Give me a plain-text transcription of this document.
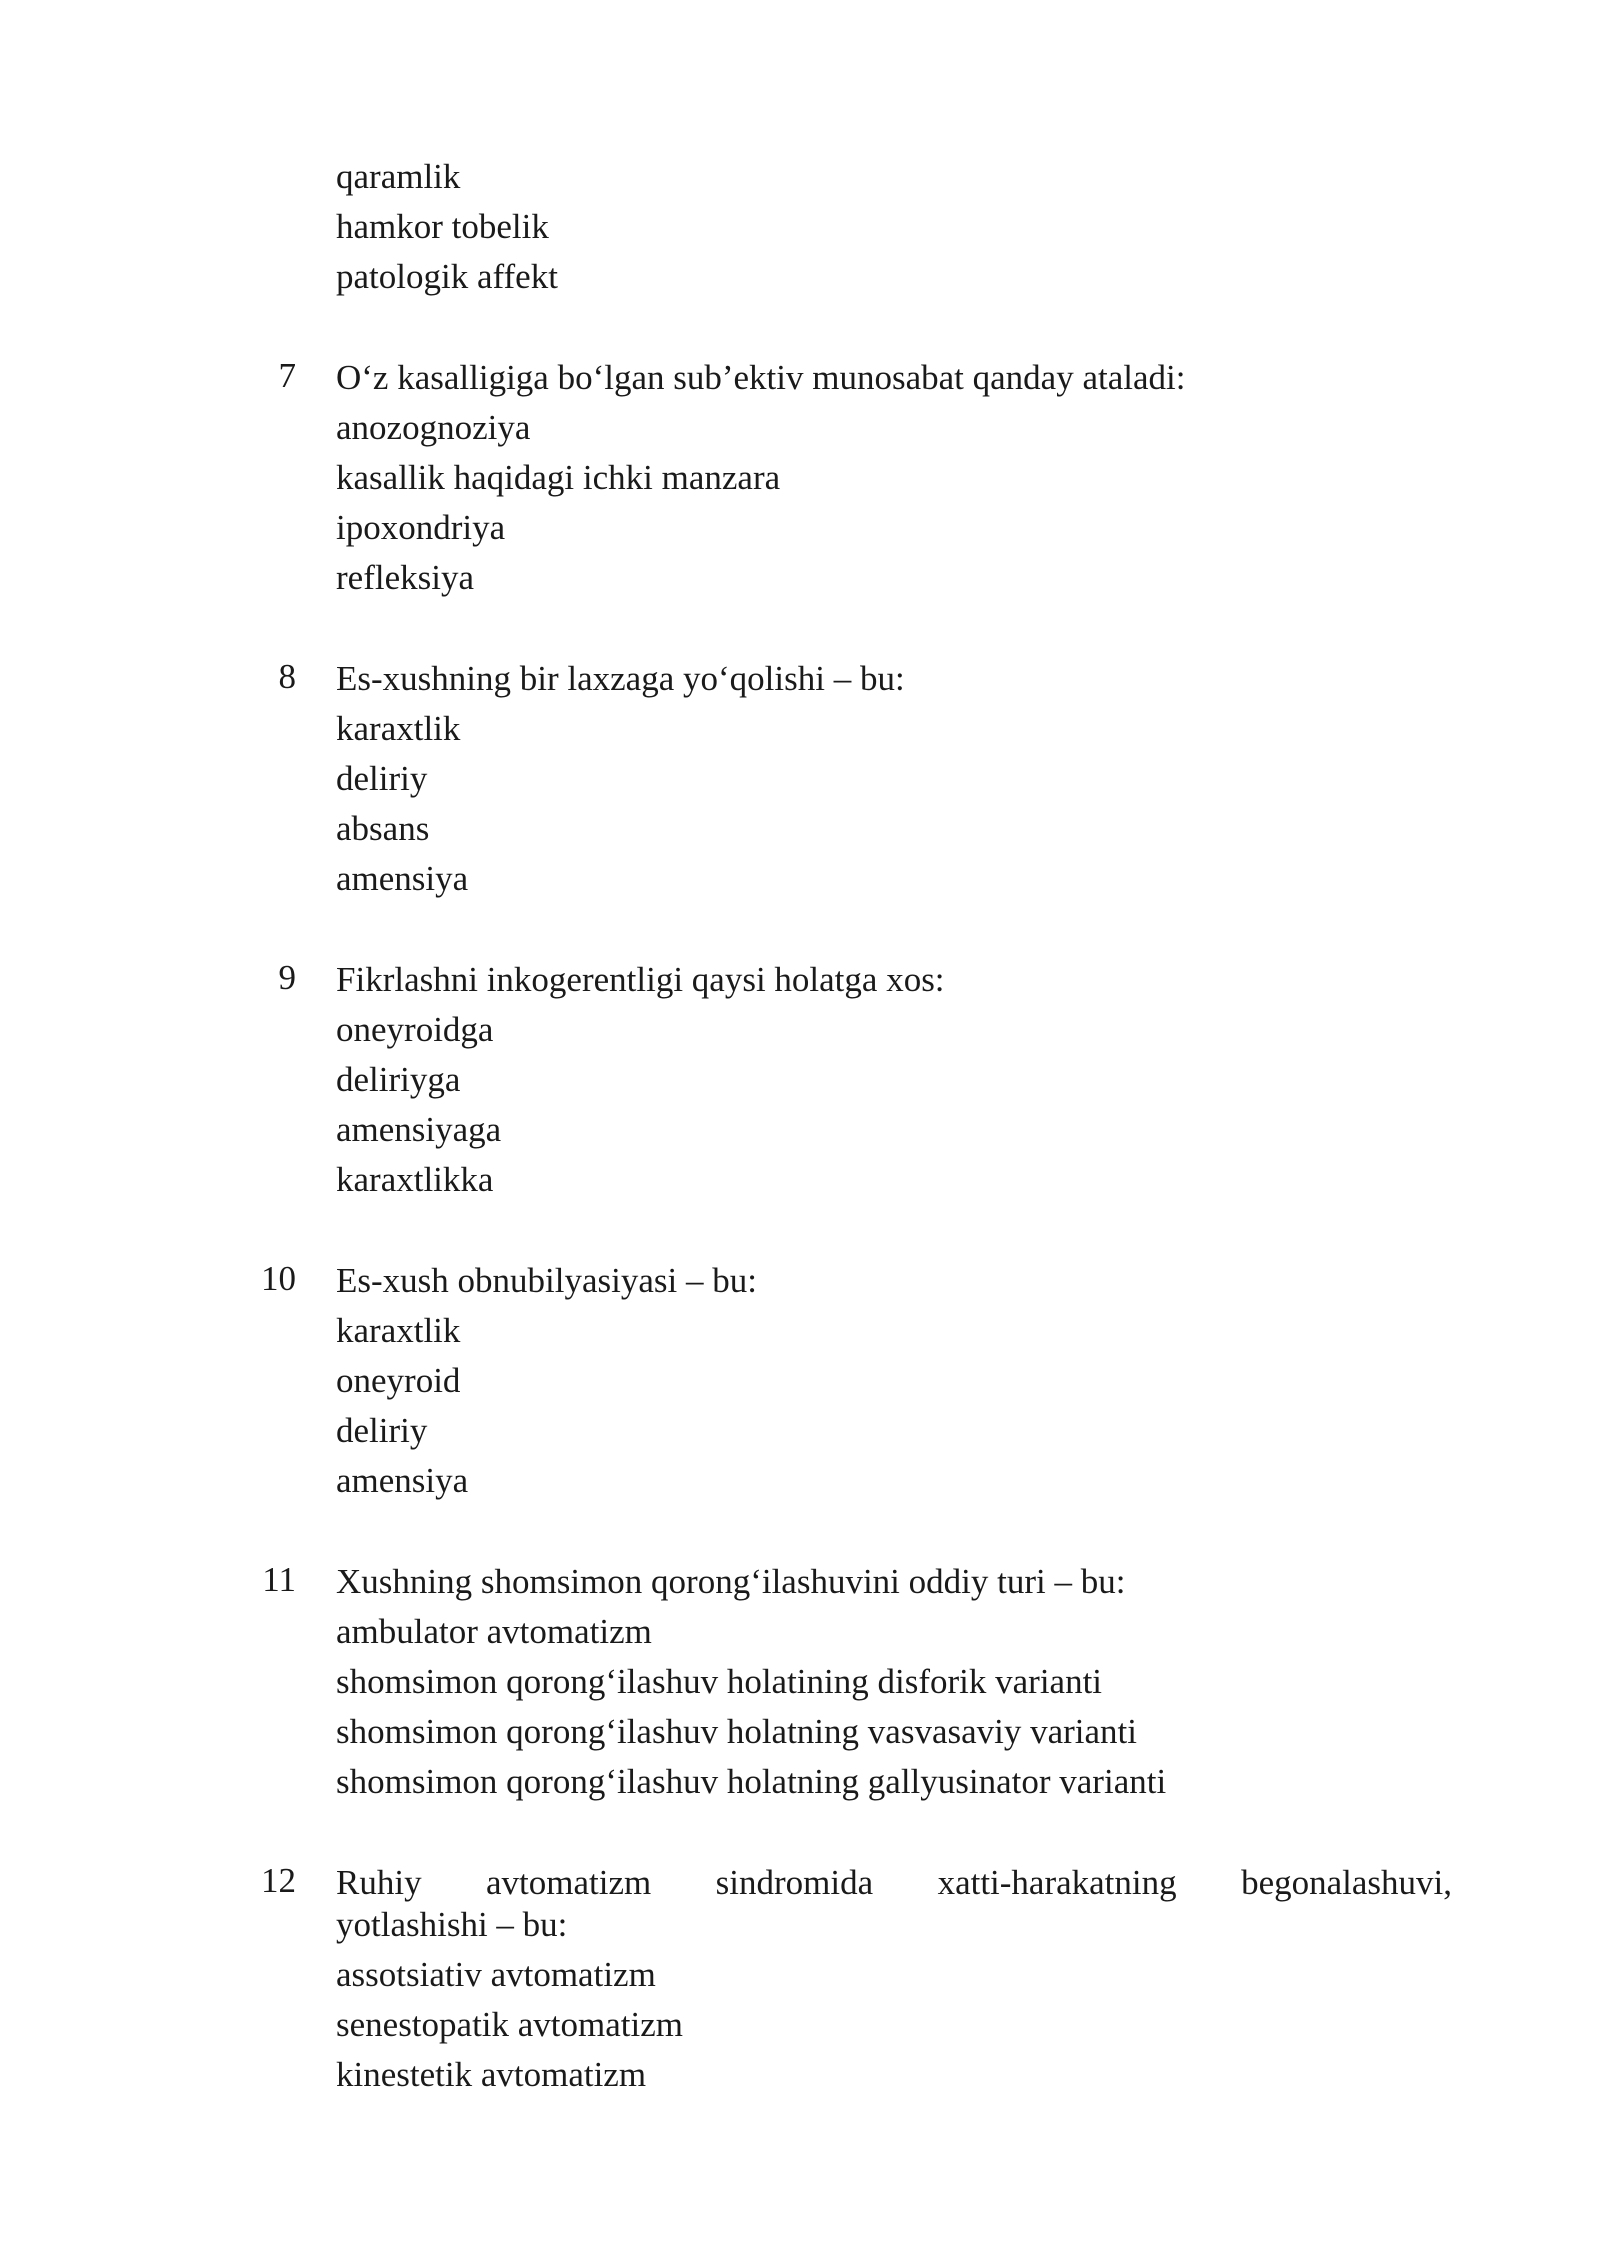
qaramlik
hamkor tobelik
patologik affekt
7 O‘z kasalligiga bo‘lgan sub’ektiv munosabat qanday ataladi:
anozognoziya
kasallik haqidagi ichki manzara
ipoxondriya
refleksiya
8 Es-xushning bir laxzaga yo‘qolishi – bu:
karaxtlik
deliriy
absans
amensiya
9 Fikrlashni inkogerentligi qaysi holatga xos:
oneyroidga
deliriyga
amensiyaga
karaxtlikka
10 Es-xush obnubilyasiyasi – bu:
karaxtlik
oneyroid
deliriy
amensiya
11 Xushning shomsimon qorong‘ilashuvini oddiy turi – bu:
ambulator avtomatizm
shomsimon qorong‘ilashuv holatining disforik varianti
shomsimon qorong‘ilashuv holatning vasvasaviy varianti
shomsimon qorong‘ilashuv holatning gallyusinator varianti
12 Ruhiy avtomatizm sindromida xatti-harakatning begonalashuvi,
yotlashishi – bu:
assotsiativ avtomatizm
senestopatik avtomatizm
kinestetik avtomatizm
